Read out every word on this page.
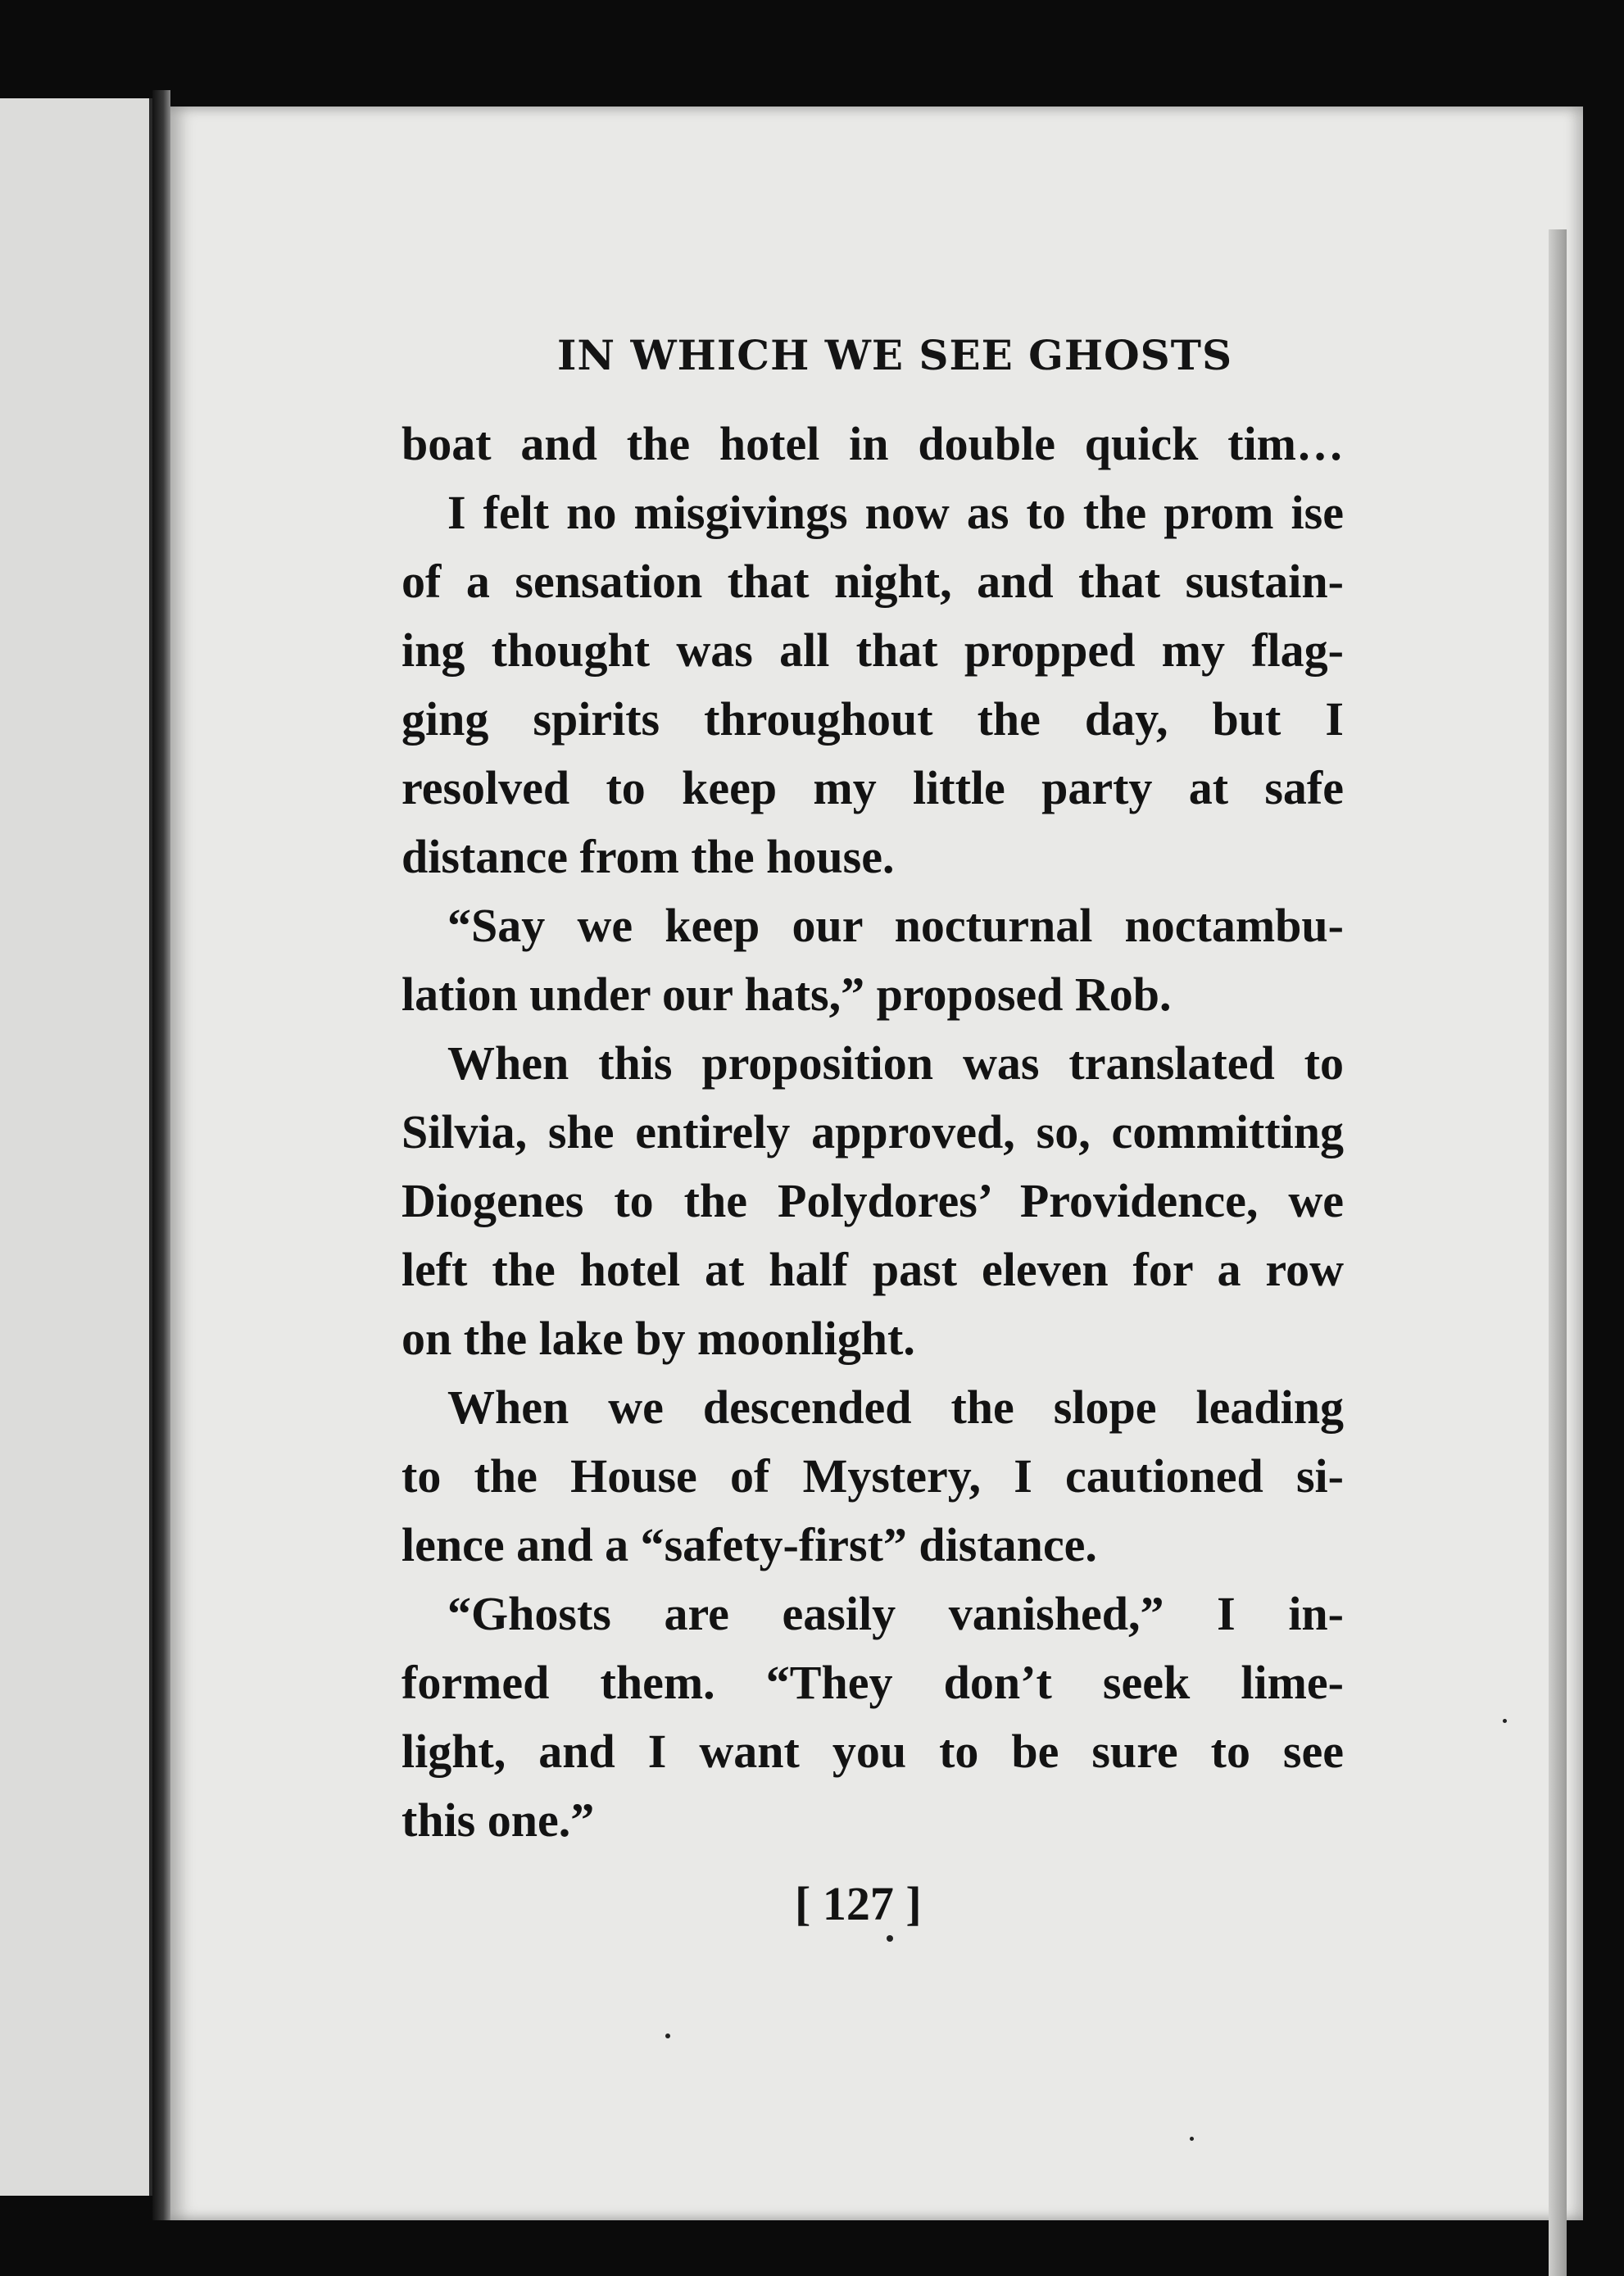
IN WHICH WE SEE GHOSTS
boat and the hotel in double quick tim…
I felt no misgivings now as to the prom ise
of a sensation that night, and that sustain-
ing thought was all that propped my flag-
ging spirits throughout the day, but I
resolved to keep my little party at safe
distance from the house.
“Say we keep our nocturnal noctambu-
lation under our hats,” proposed Rob.
When this proposition was translated to
Silvia, she entirely approved, so, committing
Diogenes to the Polydores’ Providence, we
left the hotel at half past eleven for a row
on the lake by moonlight.
When we descended the slope leading
to the House of Mystery, I cautioned si-
lence and a “safety-first” distance.
“Ghosts are easily vanished,” I in-
formed them. “They don’t seek lime-
light, and I want you to be sure to see
this one.”
[ 127 ]
